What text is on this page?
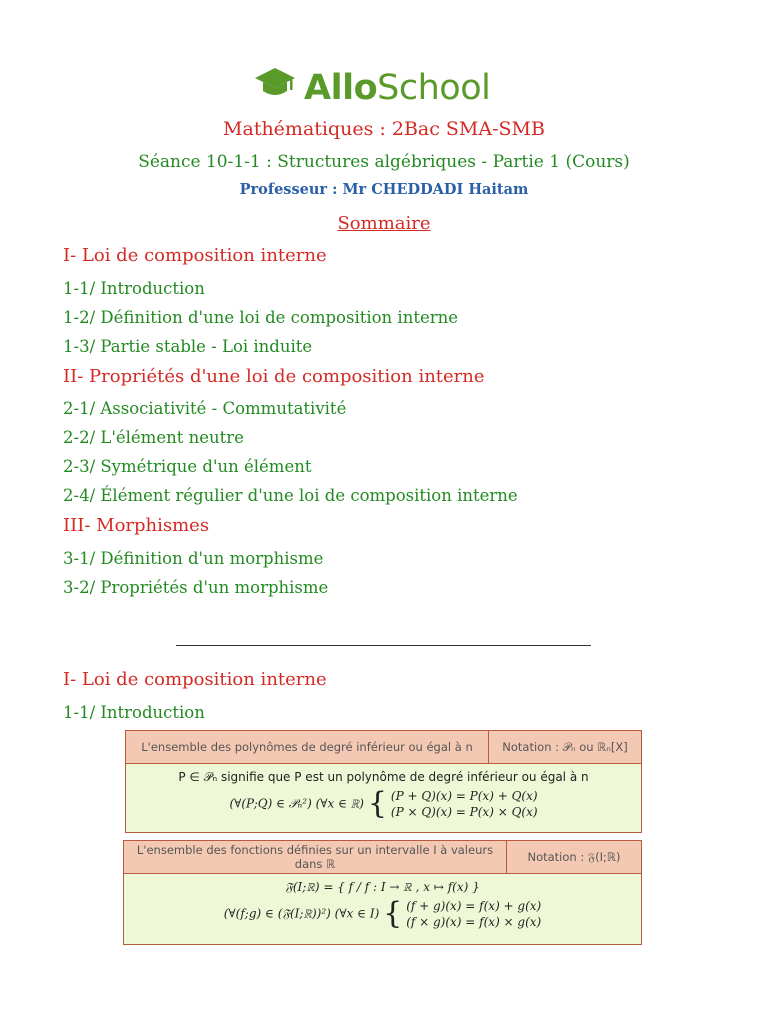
AlloSchool
Mathématiques : 2Bac SMA-SMB
Séance 10-1-1 : Structures algébriques - Partie 1 (Cours)
Professeur : Mr CHEDDADI Haitam
Sommaire
I- Loi de composition interne
1-1/ Introduction
1-2/ Définition d'une loi de composition interne
1-3/ Partie stable - Loi induite
II- Propriétés d'une loi de composition interne
2-1/ Associativité - Commutativité
2-2/ L'élément neutre
2-3/ Symétrique d'un élément
2-4/ Élément régulier d'une loi de composition interne
III- Morphismes
3-1/ Définition d'un morphisme
3-2/ Propriétés d'un morphisme
I- Loi de composition interne
1-1/ Introduction
L'ensemble des polynômes de degré inférieur ou égal à n	Notation : 𝒫ₙ ou ℝₙ[X]

P ∈ 𝒫ₙ signifie que P est un polynôme de degré inférieur ou égal à n
(∀(P;Q) ∈ 𝒫ₙ²) (∀x ∈ ℝ) { (P + Q)(x) = P(x) + Q(x)
(P × Q)(x) = P(x) × Q(x)
L'ensemble des fonctions définies sur un intervalle I à valeurs dans ℝ	Notation : 𝔉(I;ℝ)

𝔉(I;ℝ) = { f / f : I → ℝ , x ↦ f(x) }
(∀(f;g) ∈ (𝔉(I;ℝ))²) (∀x ∈ I) { (f + g)(x) = f(x) + g(x)
(f × g)(x) = f(x) × g(x)
